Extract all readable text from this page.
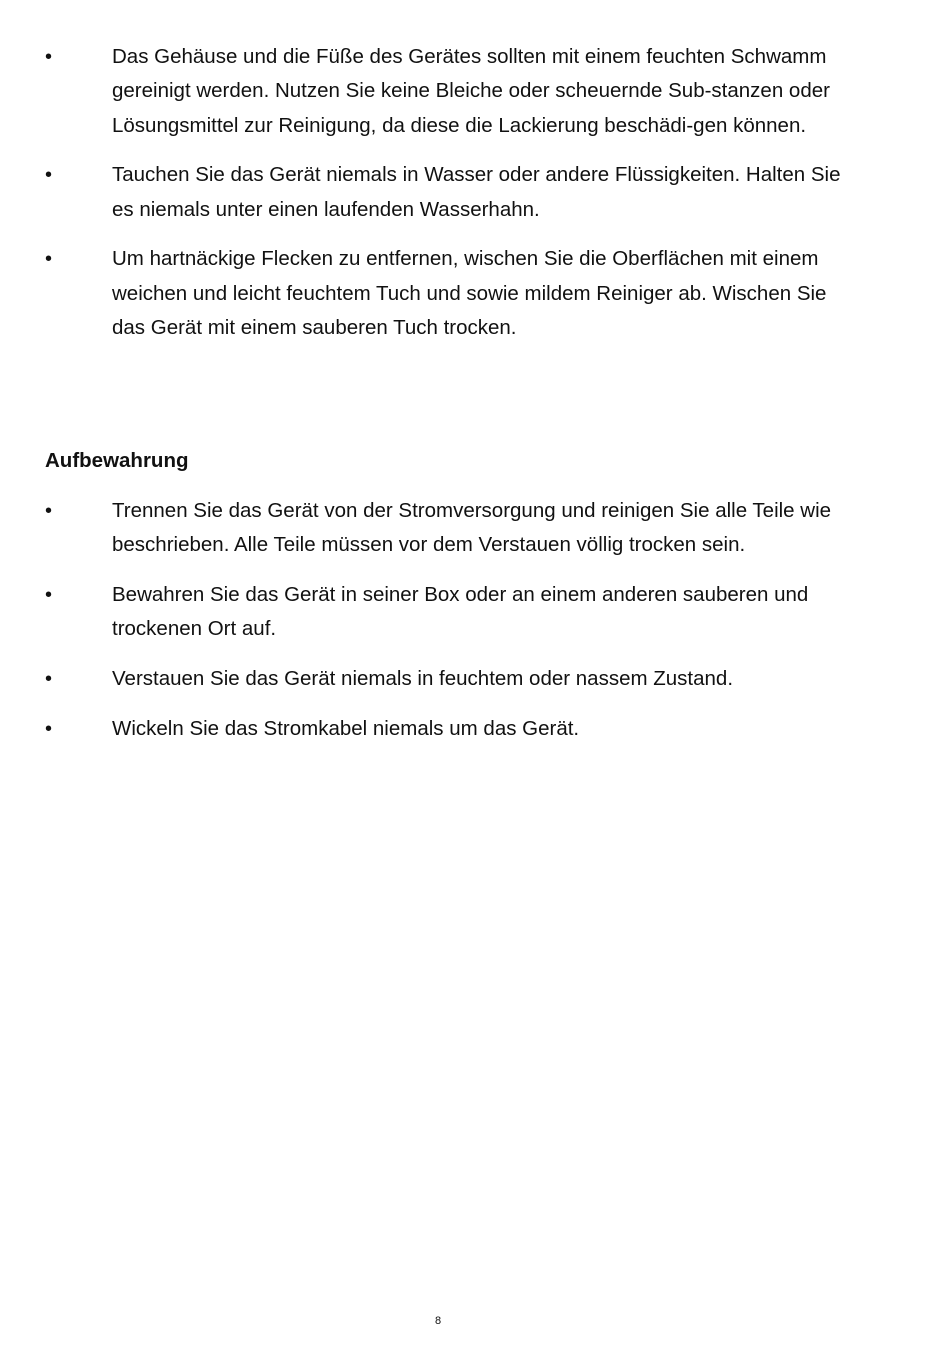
•	Das Gehäuse und die Füße des Gerätes sollten mit einem feuchten Schwamm gereinigt werden. Nutzen Sie keine Bleiche oder scheuernde Sub-stanzen oder Lösungsmittel zur Reinigung, da diese die Lackierung beschädi-gen können.
•	Tauchen Sie das Gerät niemals in Wasser oder andere Flüssigkeiten. Halten Sie es niemals unter einen laufenden Wasserhahn.
•	Um hartnäckige Flecken zu entfernen, wischen Sie die Oberflächen mit einem weichen und leicht feuchtem Tuch und sowie mildem Reiniger ab. Wischen Sie das Gerät mit einem sauberen Tuch trocken.
Aufbewahrung
•	Trennen Sie das Gerät von der Stromversorgung und reinigen Sie alle Teile wie beschrieben. Alle Teile müssen vor dem Verstauen völlig trocken sein.
•	Bewahren Sie das Gerät in seiner Box oder an einem anderen sauberen und trockenen Ort auf.
•	Verstauen Sie das Gerät niemals in feuchtem oder nassem Zustand.
•	Wickeln Sie das Stromkabel niemals um das Gerät.
8
